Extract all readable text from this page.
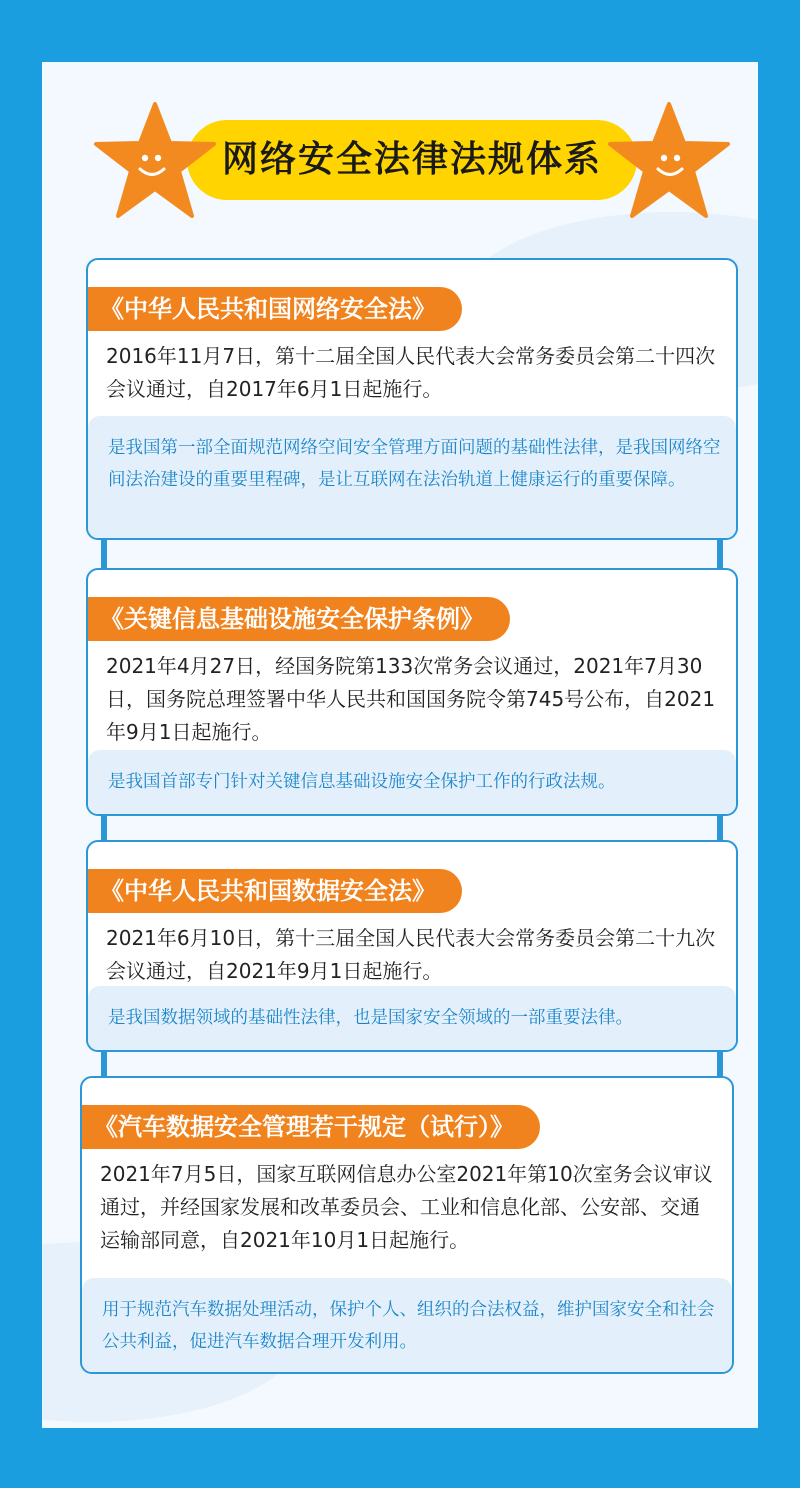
网络安全法律法规体系
《中华人民共和国网络安全法》
2016年11月7日，第十二届全国人民代表大会常务委员会第二十四次会议通过，自2017年6月1日起施行。
是我国第一部全面规范网络空间安全管理方面问题的基础性法律，是我国网络空间法治建设的重要里程碑，是让互联网在法治轨道上健康运行的重要保障。
《关键信息基础设施安全保护条例》
2021年4月27日，经国务院第133次常务会议通过，2021年7月30日，国务院总理签署中华人民共和国国务院令第745号公布，自2021年9月1日起施行。
是我国首部专门针对关键信息基础设施安全保护工作的行政法规。
《中华人民共和国数据安全法》
2021年6月10日，第十三届全国人民代表大会常务委员会第二十九次会议通过，自2021年9月1日起施行。
是我国数据领域的基础性法律，也是国家安全领域的一部重要法律。
《汽车数据安全管理若干规定（试行）》
2021年7月5日，国家互联网信息办公室2021年第10次室务会议审议通过，并经国家发展和改革委员会、工业和信息化部、公安部、交通运输部同意，自2021年10月1日起施行。
用于规范汽车数据处理活动，保护个人、组织的合法权益，维护国家安全和社会公共利益，促进汽车数据合理开发利用。
